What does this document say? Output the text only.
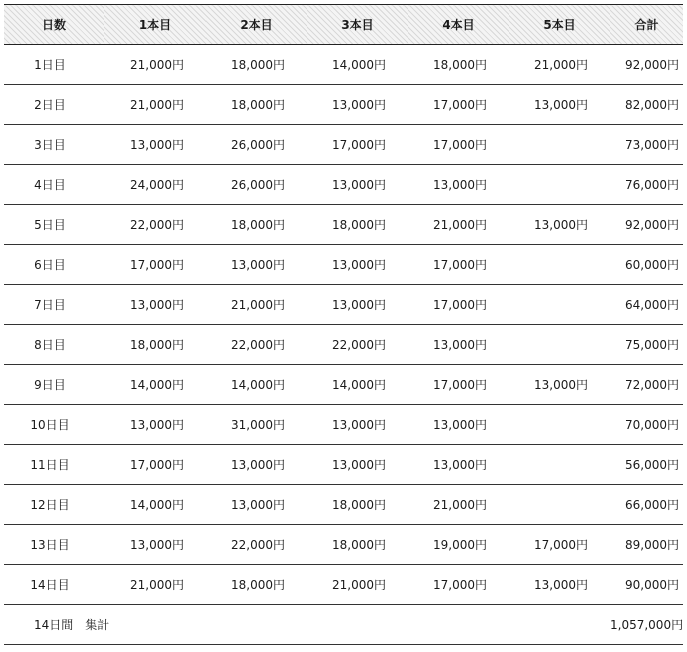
日数	1本目	2本目	3本目	4本目	5本目	合計
1日目	21,000円	18,000円	14,000円	18,000円	21,000円	92,000円
2日目	21,000円	18,000円	13,000円	17,000円	13,000円	82,000円
3日目	13,000円	26,000円	17,000円	17,000円		73,000円
4日目	24,000円	26,000円	13,000円	13,000円		76,000円
5日目	22,000円	18,000円	18,000円	21,000円	13,000円	92,000円
6日目	17,000円	13,000円	13,000円	17,000円		60,000円
7日目	13,000円	21,000円	13,000円	17,000円		64,000円
8日目	18,000円	22,000円	22,000円	13,000円		75,000円
9日目	14,000円	14,000円	14,000円	17,000円	13,000円	72,000円
10日目	13,000円	31,000円	13,000円	13,000円		70,000円
11日目	17,000円	13,000円	13,000円	13,000円		56,000円
12日目	14,000円	13,000円	18,000円	21,000円		66,000円
13日目	13,000円	22,000円	18,000円	19,000円	17,000円	89,000円
14日目	21,000円	18,000円	21,000円	17,000円	13,000円	90,000円
14日間　集計						1,057,000円
